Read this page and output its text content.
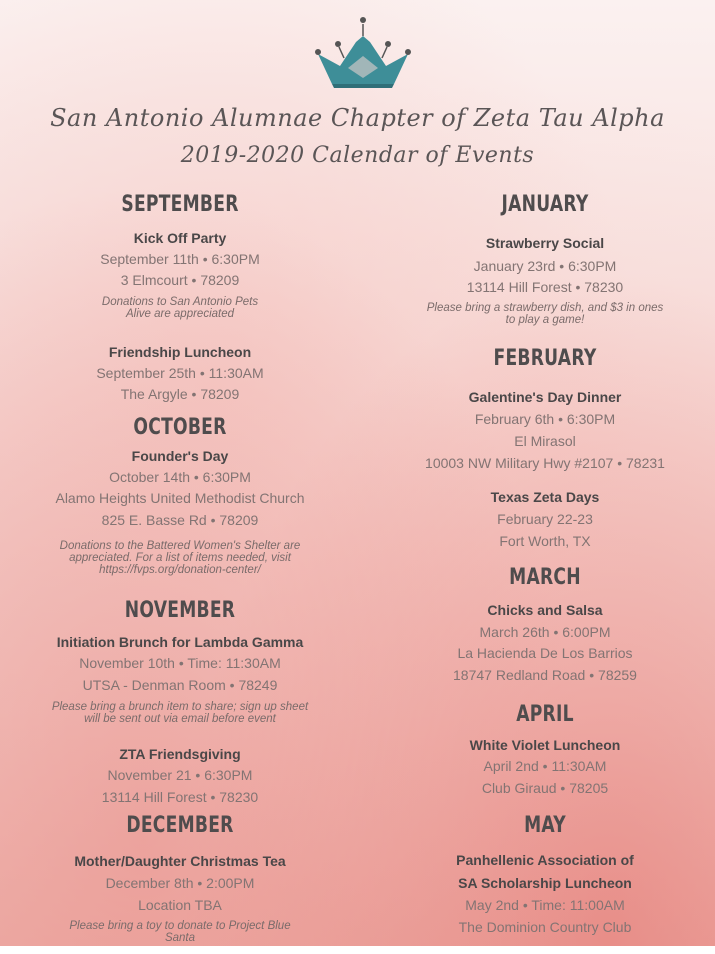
San Antonio Alumnae Chapter of Zeta Tau Alpha
2019-2020 Calendar of Events
SEPTEMBER
Kick Off Party
September 11th • 6:30PM
3 Elmcourt • 78209
Donations to San Antonio Pets Alive are appreciated
Friendship Luncheon
September 25th • 11:30AM
The Argyle • 78209
OCTOBER
Founder's Day
October 14th • 6:30PM
Alamo Heights United Methodist Church
825 E. Basse Rd • 78209
Donations to the Battered Women's Shelter are appreciated. For a list of items needed, visit https://fvps.org/donation-center/
NOVEMBER
Initiation Brunch for Lambda Gamma
November 10th • Time: 11:30AM
UTSA - Denman Room • 78249
Please bring a brunch item to share; sign up sheet will be sent out via email before event
ZTA Friendsgiving
November 21 • 6:30PM
13114 Hill Forest • 78230
DECEMBER
Mother/Daughter Christmas Tea
December 8th • 2:00PM
Location TBA
Please bring a toy to donate to Project Blue Santa
JANUARY
Strawberry Social
January 23rd • 6:30PM
13114 Hill Forest • 78230
Please bring a strawberry dish, and $3 in ones to play a game!
FEBRUARY
Galentine's Day Dinner
February 6th • 6:30PM
El Mirasol
10003 NW Military Hwy #2107 • 78231
Texas Zeta Days
February 22-23
Fort Worth, TX
MARCH
Chicks and Salsa
March 26th • 6:00PM
La Hacienda De Los Barrios
18747 Redland Road • 78259
APRIL
White Violet Luncheon
April 2nd • 11:30AM
Club Giraud • 78205
MAY
Panhellenic Association of
SA Scholarship Luncheon
May 2nd • Time: 11:00AM
The Dominion Country Club
